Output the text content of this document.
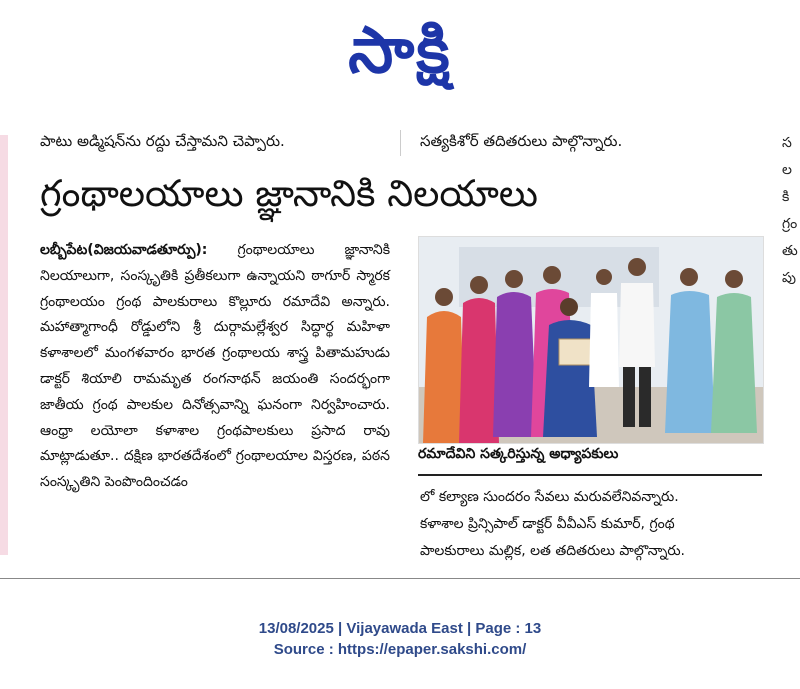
సాక్షి
పాటు అడ్మిషన్‌ను రద్దు చేస్తామని చెప్పారు.	సత్యకిశోర్ తదితరులు పాల్గొన్నారు.
గ్రంథాలయాలు జ్ఞానానికి నిలయాలు
లబ్బీపేట(విజయవాడతూర్పు): గ్రంథాలయాలు జ్ఞానానికి నిలయాలుగా, సంస్కృతికి ప్రతీకలుగా ఉన్నాయని ఠాగూర్ స్మారక గ్రంథాలయం గ్రంథ పాలకురాలు కొల్లూరు రమాదేవి అన్నారు. మహాత్మాగాంధీ రోడ్డులోని శ్రీ దుర్గామల్లేశ్వర సిద్ధార్థ మహిళా కళాశాలలో మంగళవారం భారత గ్రంథాలయ శాస్త్ర పితామహుడు డాక్టర్ శియాలి రామమృత రంగనాథన్ జయంతి సందర్భంగా జాతీయ గ్రంథ పాలకుల దినోత్సవాన్ని ఘనంగా నిర్వహించారు. ఆంధ్రా లయోలా కళాశాల గ్రంథపాలకులు ప్రసాద రావు మాట్లాడుతూ.. దక్షిణ భారతదేశంలో గ్రంథాలయాల విస్తరణ, పఠన సంస్కృతిని పెంపొందించడం
రమాదేవిని సత్కరిస్తున్న అధ్యాపకులు

లో కల్యాణ సుందరం సేవలు మరువలేనివన్నారు.

కళాశాల ప్రిన్సిపాల్ డాక్టర్ వీవీఎస్ కుమార్, గ్రంథ

పాలకురాలు మల్లిక, లత తదితరులు పాల్గొన్నారు.

స
ల
కి
గ్రం
తు
పు
13/08/2025 | Vijayawada East | Page : 13
Source : https://epaper.sakshi.com/
